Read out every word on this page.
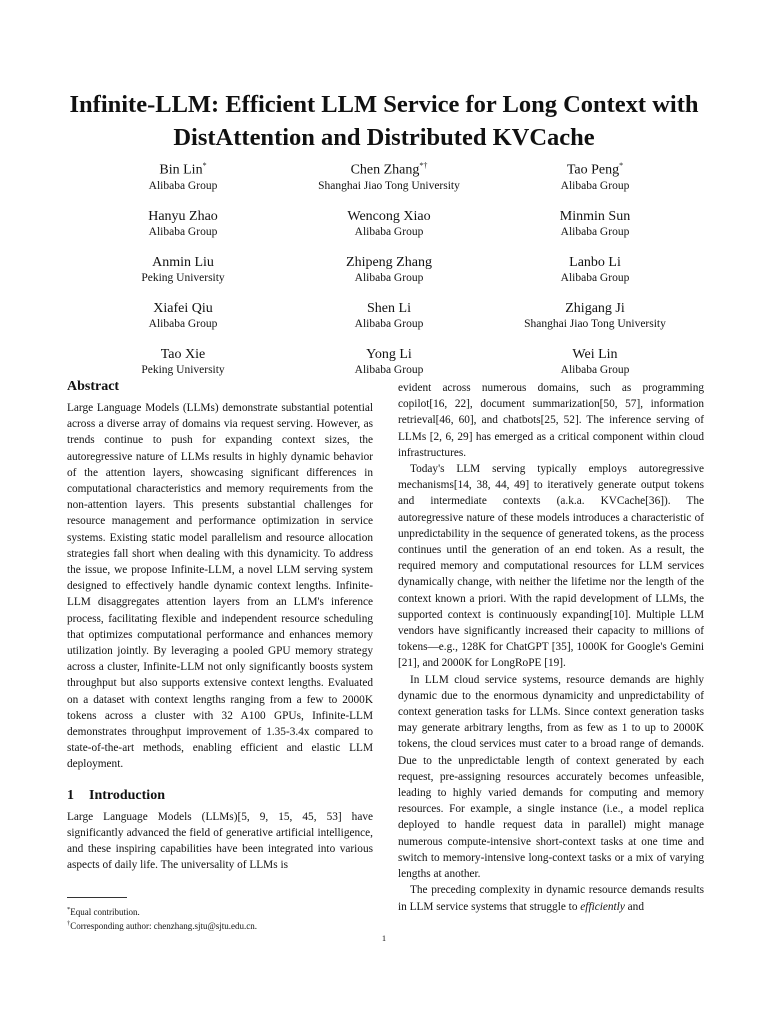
Infinite-LLM: Efficient LLM Service for Long Context with DistAttention and Distributed KVCache
Bin Lin*
Alibaba Group
Chen Zhang*†
Shanghai Jiao Tong University
Tao Peng*
Alibaba Group
Hanyu Zhao
Alibaba Group
Wencong Xiao
Alibaba Group
Minmin Sun
Alibaba Group
Anmin Liu
Peking University
Zhipeng Zhang
Alibaba Group
Lanbo Li
Alibaba Group
Xiafei Qiu
Alibaba Group
Shen Li
Alibaba Group
Zhigang Ji
Shanghai Jiao Tong University
Tao Xie
Peking University
Yong Li
Alibaba Group
Wei Lin
Alibaba Group
Abstract

Large Language Models (LLMs) demonstrate substantial potential across a diverse array of domains via request serving. However, as trends continue to push for expanding context sizes, the autoregressive nature of LLMs results in highly dynamic behavior of the attention layers, showcasing significant differences in computational characteristics and memory requirements from the non-attention layers. This presents substantial challenges for resource management and performance optimization in service systems. Existing static model parallelism and resource allocation strategies fall short when dealing with this dynamicity. To address the issue, we propose Infinite-LLM, a novel LLM serving system designed to effectively handle dynamic context lengths. Infinite-LLM disaggregates attention layers from an LLM's inference process, facilitating flexible and independent resource scheduling that optimizes computational performance and enhances memory utilization jointly. By leveraging a pooled GPU memory strategy across a cluster, Infinite-LLM not only significantly boosts system throughput but also supports extensive context lengths. Evaluated on a dataset with context lengths ranging from a few to 2000K tokens across a cluster with 32 A100 GPUs, Infinite-LLM demonstrates throughput improvement of 1.35-3.4x compared to state-of-the-art methods, enabling efficient and elastic LLM deployment.

1 Introduction

Large Language Models (LLMs)[5, 9, 15, 45, 53] have significantly advanced the field of generative artificial intelligence, and these inspiring capabilities have been integrated into various aspects of daily life. The universality of LLMs is

*Equal contribution.
†Corresponding author: chenzhang.sjtu@sjtu.edu.cn.

evident across numerous domains, such as programming copilot[16, 22], document summarization[50, 57], information retrieval[46, 60], and chatbots[25, 52]. The inference serving of LLMs [2, 6, 29] has emerged as a critical component within cloud infrastructures.

Today's LLM serving typically employs autoregressive mechanisms[14, 38, 44, 49] to iteratively generate output tokens and intermediate contexts (a.k.a. KVCache[36]). The autoregressive nature of these models introduces a characteristic of unpredictability in the sequence of generated tokens, as the process continues until the generation of an end token. As a result, the required memory and computational resources for LLM services dynamically change, with neither the lifetime nor the length of the context known a priori. With the rapid development of LLMs, the supported context is continuously expanding[10]. Multiple LLM vendors have significantly increased their capacity to millions of tokens—e.g., 128K for ChatGPT [35], 1000K for Google's Gemini [21], and 2000K for LongRoPE [19].

In LLM cloud service systems, resource demands are highly dynamic due to the enormous dynamicity and unpredictability of context generation tasks for LLMs. Since context generation tasks may generate arbitrary lengths, from as few as 1 to up to 2000K tokens, the cloud services must cater to a broad range of demands. Due to the unpredictable length of context generated by each request, pre-assigning resources accurately becomes unfeasible, leading to highly varied demands for computing and memory resources. For example, a single instance (i.e., a model replica deployed to handle request data in parallel) might manage numerous compute-intensive short-context tasks at one time and switch to memory-intensive long-context tasks or a mix of varying lengths at another.

The preceding complexity in dynamic resource demands results in LLM service systems that struggle to efficiently and

1
